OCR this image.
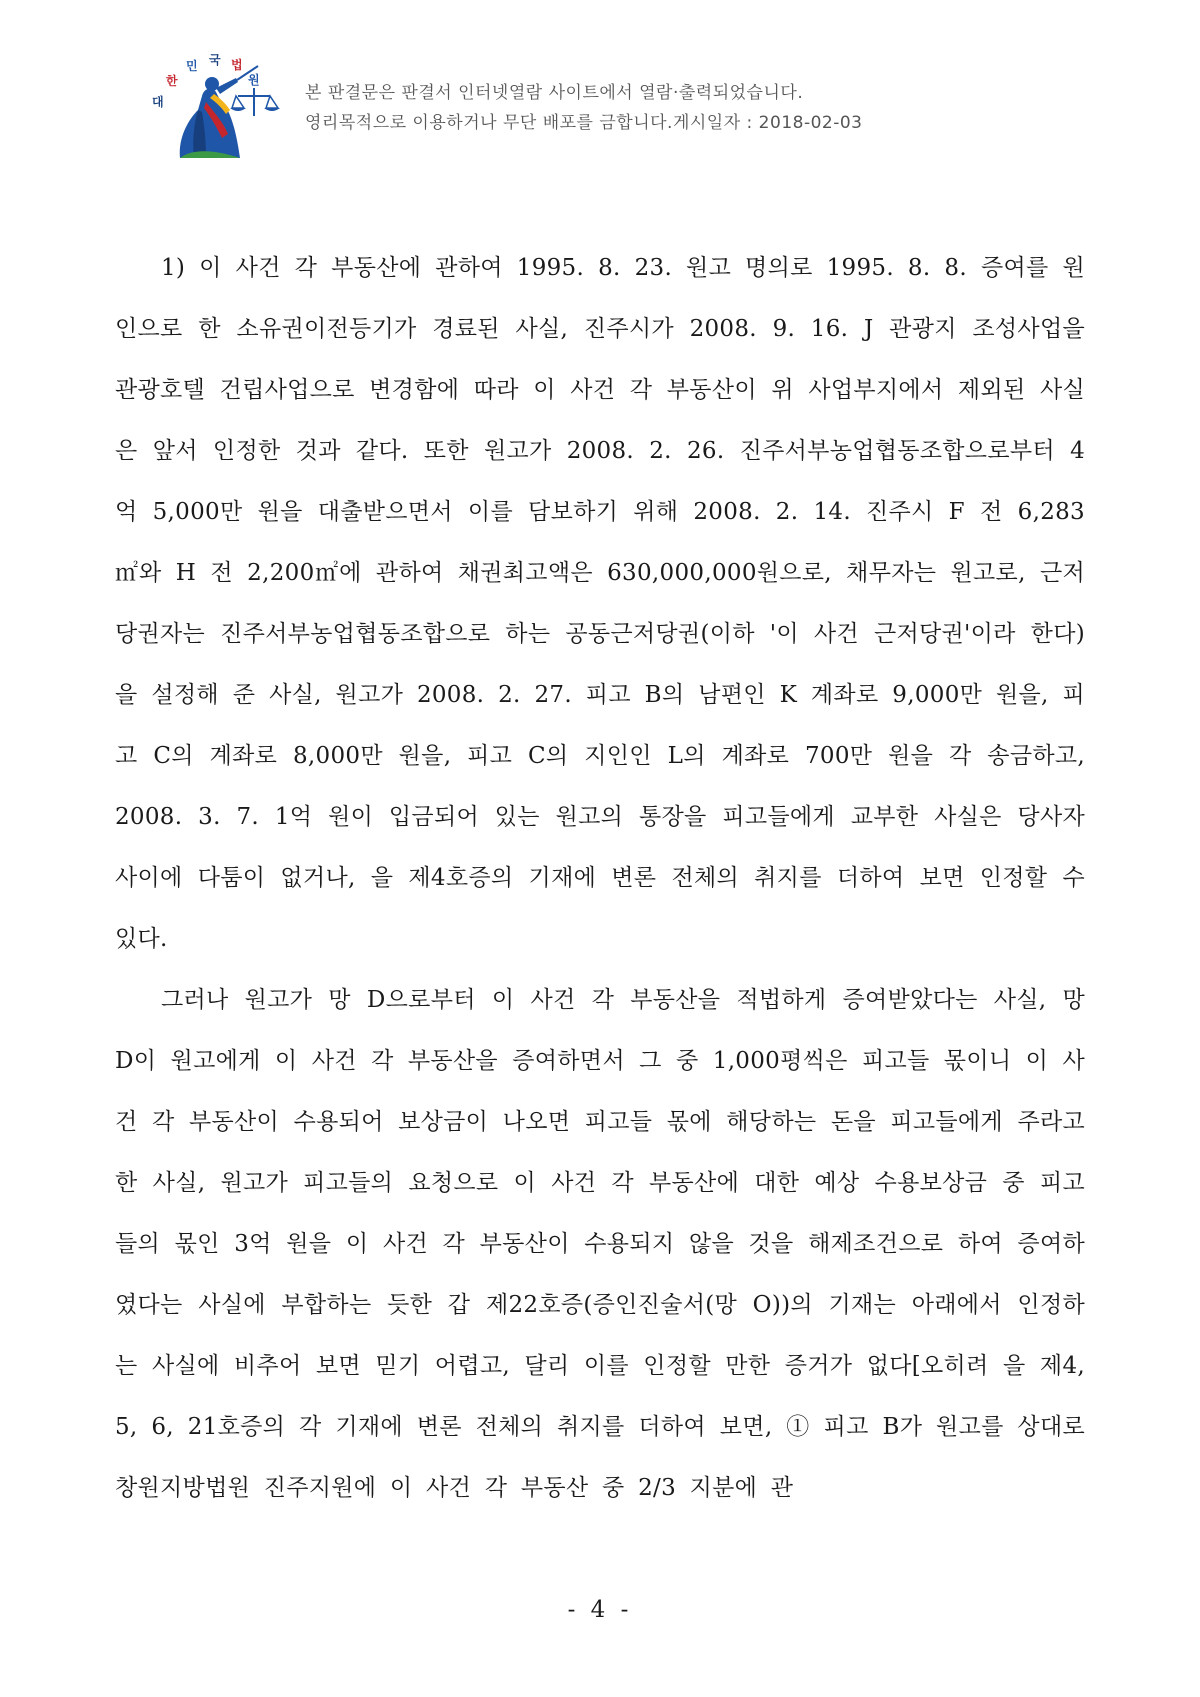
대
한
민 국 법
원
본 판결문은 판결서 인터넷열람 사이트에서 열람·출력되었습니다.
영리목적으로 이용하거나 무단 배포를 금합니다.게시일자 : 2018-02-03

1) 이 사건 각 부동산에 관하여 1995. 8. 23. 원고 명의로 1995. 8. 8. 증여를 원인으로 한 소유권이전등기가 경료된 사실, 진주시가 2008. 9. 16. J 관광지 조성사업을 관광호텔 건립사업으로 변경함에 따라 이 사건 각 부동산이 위 사업부지에서 제외된 사실은 앞서 인정한 것과 같다. 또한 원고가 2008. 2. 26. 진주서부농업협동조합으로부터 4억 5,000만 원을 대출받으면서 이를 담보하기 위해 2008. 2. 14. 진주시 F 전 6,283㎡와 H 전 2,200㎡에 관하여 채권최고액은 630,000,000원으로, 채무자는 원고로, 근저당권자는 진주서부농업협동조합으로 하는 공동근저당권(이하 '이 사건 근저당권'이라 한다)을 설정해 준 사실, 원고가 2008. 2. 27. 피고 B의 남편인 K 계좌로 9,000만 원을, 피고 C의 계좌로 8,000만 원을, 피고 C의 지인인 L의 계좌로 700만 원을 각 송금하고, 2008. 3. 7. 1억 원이 입금되어 있는 원고의 통장을 피고들에게 교부한 사실은 당사자 사이에 다툼이 없거나, 을 제4호증의 기재에 변론 전체의 취지를 더하여 보면 인정할 수 있다.

그러나 원고가 망 D으로부터 이 사건 각 부동산을 적법하게 증여받았다는 사실, 망 D이 원고에게 이 사건 각 부동산을 증여하면서 그 중 1,000평씩은 피고들 몫이니 이 사건 각 부동산이 수용되어 보상금이 나오면 피고들 몫에 해당하는 돈을 피고들에게 주라고 한 사실, 원고가 피고들의 요청으로 이 사건 각 부동산에 대한 예상 수용보상금 중 피고들의 몫인 3억 원을 이 사건 각 부동산이 수용되지 않을 것을 해제조건으로 하여 증여하였다는 사실에 부합하는 듯한 갑 제22호증(증인진술서(망 O))의 기재는 아래에서 인정하는 사실에 비추어 보면 믿기 어렵고, 달리 이를 인정할 만한 증거가 없다[오히려 을 제4, 5, 6, 21호증의 각 기재에 변론 전체의 취지를 더하여 보면, ① 피고 B가 원고를 상대로 창원지방법원 진주지원에 이 사건 각 부동산 중 2/3 지분에 관

- 4 -
